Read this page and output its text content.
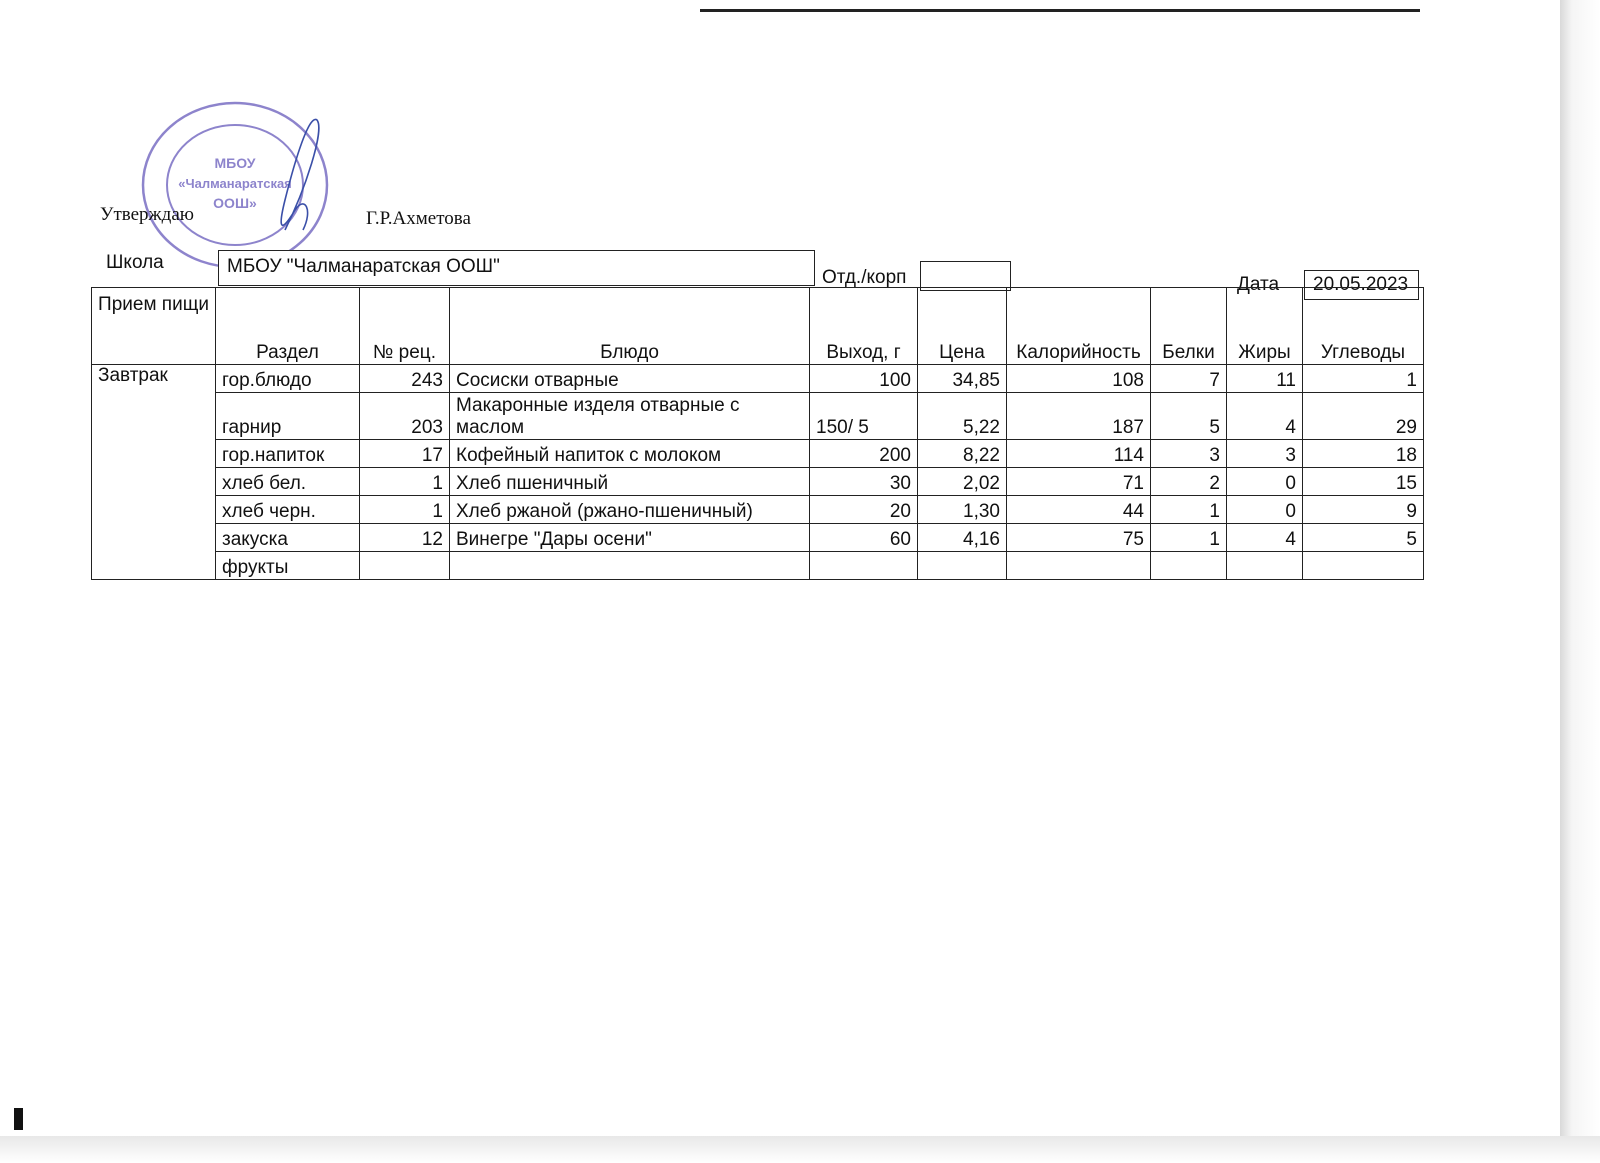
МБОУ
«Чалманаратская
ООШ»
Утверждаю	Г.Р.Ахметова
Школа	МБОУ "Чалманаратская ООШ"
Отд./корп	Дата	20.05.2023
Прием пищи	Раздел	№ рец.	Блюдо	Выход, г	Цена	Калорийность	Белки	Жиры	Углеводы
Завтрак	гор.блюдо	243	Сосиски отварные	100	34,85	108	7	11	1
	гарнир	203	Макаронные изделя отварные с маслом	150/ 5	5,22	187	5	4	29
	гор.напиток	17	Кофейный напиток с молоком	200	8,22	114	3	3	18
	хлеб бел.	1	Хлеб пшеничный	30	2,02	71	2	0	15
	хлеб черн.	1	Хлеб ржаной (ржано-пшеничный)	20	1,30	44	1	0	9
	закуска	12	Винегре "Дары осени"	60	4,16	75	1	4	5
	фрукты								
